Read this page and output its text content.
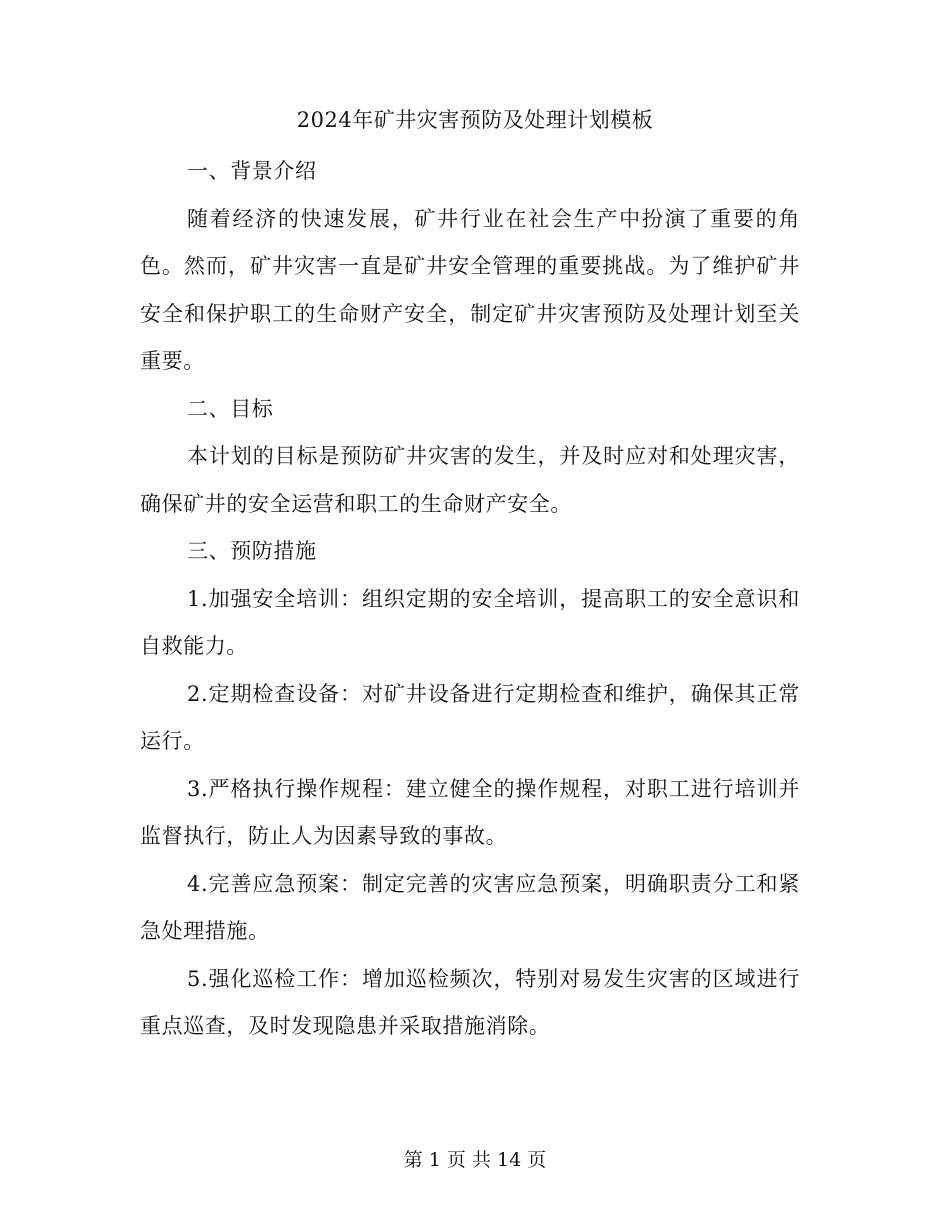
2024年矿井灾害预防及处理计划模板

一、背景介绍

随着经济的快速发展，矿井行业在社会生产中扮演了重要的角色。然而，矿井灾害一直是矿井安全管理的重要挑战。为了维护矿井安全和保护职工的生命财产安全，制定矿井灾害预防及处理计划至关重要。

二、目标

本计划的目标是预防矿井灾害的发生，并及时应对和处理灾害，确保矿井的安全运营和职工的生命财产安全。

三、预防措施

1.加强安全培训：组织定期的安全培训，提高职工的安全意识和自救能力。

2.定期检查设备：对矿井设备进行定期检查和维护，确保其正常运行。

3.严格执行操作规程：建立健全的操作规程，对职工进行培训并监督执行，防止人为因素导致的事故。

4.完善应急预案：制定完善的灾害应急预案，明确职责分工和紧急处理措施。

5.强化巡检工作：增加巡检频次，特别对易发生灾害的区域进行重点巡查，及时发现隐患并采取措施消除。

第 1 页 共 14 页
